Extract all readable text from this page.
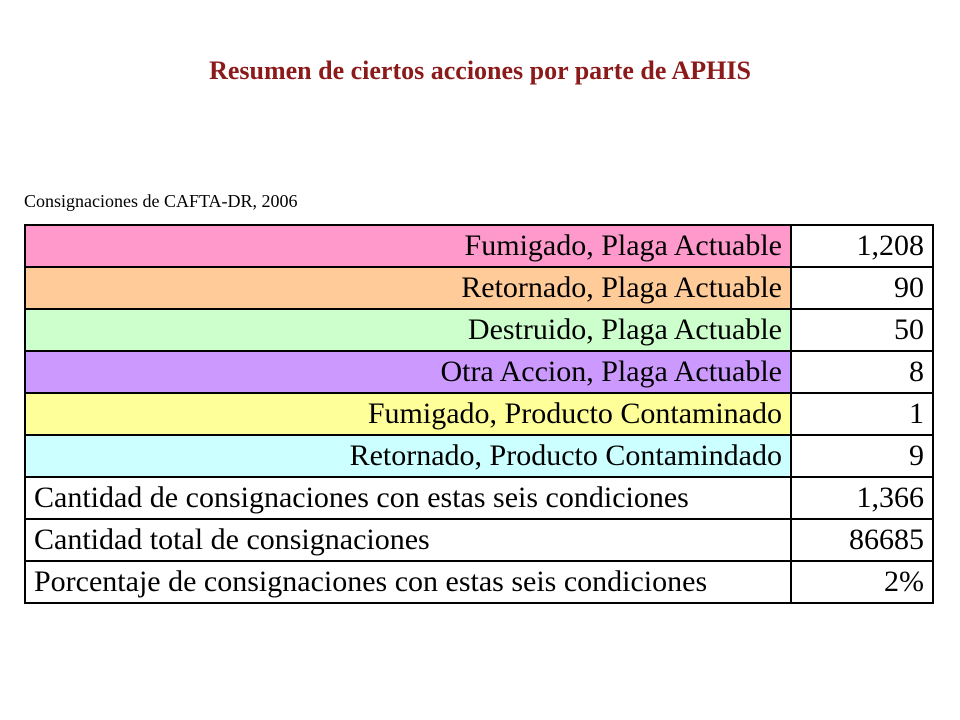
Resumen de ciertos acciones por parte de APHIS
Consignaciones de CAFTA-DR, 2006
Fumigado, Plaga Actuable	1,208
Retornado, Plaga Actuable	90
Destruido, Plaga Actuable	50
Otra Accion, Plaga Actuable	8
Fumigado, Producto Contaminado	1
Retornado, Producto Contamindado	9
Cantidad de consignaciones con estas seis condiciones	1,366
Cantidad total de consignaciones	86685
Porcentaje de consignaciones con estas seis condiciones	2%
